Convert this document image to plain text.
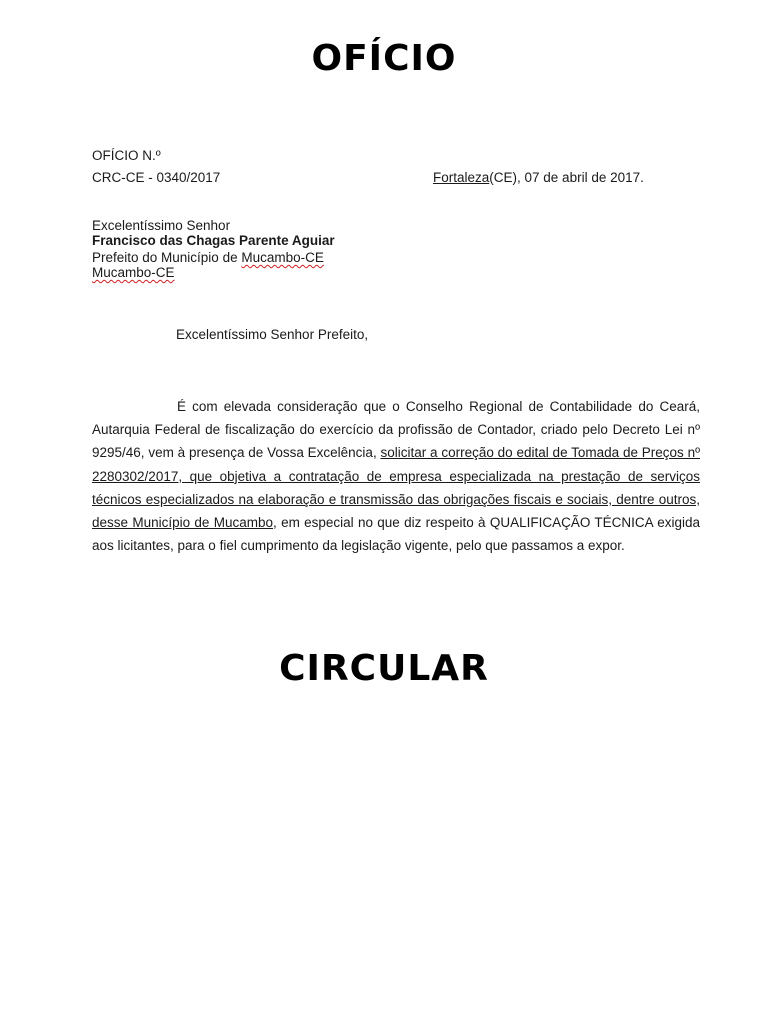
OFÍCIO
OFÍCIO N.º
CRC-CE - 0340/2017	Fortaleza(CE), 07 de abril de 2017.
Excelentíssimo Senhor
Francisco das Chagas Parente Aguiar
Prefeito do Município de Mucambo-CE
Mucambo-CE
Excelentíssimo Senhor Prefeito,

É com elevada consideração que o Conselho Regional de Contabilidade do Ceará, Autarquia Federal de fiscalização do exercício da profissão de Contador, criado pelo Decreto Lei nº 9295/46, vem à presença de Vossa Excelência, solicitar a correção do edital de Tomada de Preços nº 2280302/2017, que objetiva a contratação de empresa especializada na prestação de serviços técnicos especializados na elaboração e transmissão das obrigações fiscais e sociais, dentre outros, desse Município de Mucambo, em especial no que diz respeito à QUALIFICAÇÃO TÉCNICA exigida aos licitantes, para o fiel cumprimento da legislação vigente, pelo que passamos a expor.

CIRCULAR
